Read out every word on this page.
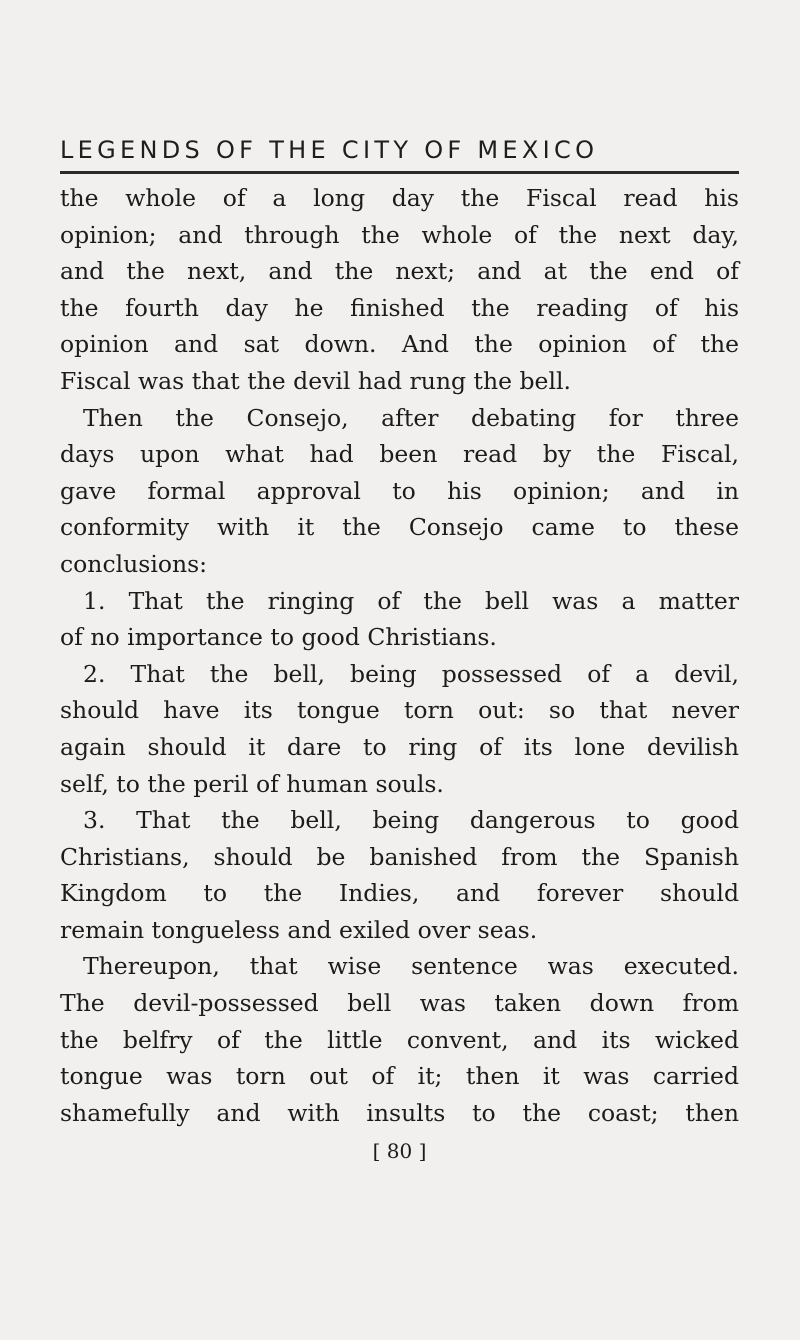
LEGENDS OF THE CITY OF MEXICO
the whole of a long day the Fiscal read his
opinion; and through the whole of the next day,
and the next, and the next; and at the end of
the fourth day he finished the reading of his
opinion and sat down. And the opinion of the
Fiscal was that the devil had rung the bell.
Then the Consejo, after debating for three
days upon what had been read by the Fiscal,
gave formal approval to his opinion; and in
conformity with it the Consejo came to these
conclusions:
1. That the ringing of the bell was a matter
of no importance to good Christians.
2. That the bell, being possessed of a devil,
should have its tongue torn out: so that never
again should it dare to ring of its lone devilish
self, to the peril of human souls.
3. That the bell, being dangerous to good
Christians, should be banished from the Spanish
Kingdom to the Indies, and forever should
remain tongueless and exiled over seas.
Thereupon, that wise sentence was executed.
The devil-possessed bell was taken down from
the belfry of the little convent, and its wicked
tongue was torn out of it; then it was carried
shamefully and with insults to the coast; then
[ 80 ]
